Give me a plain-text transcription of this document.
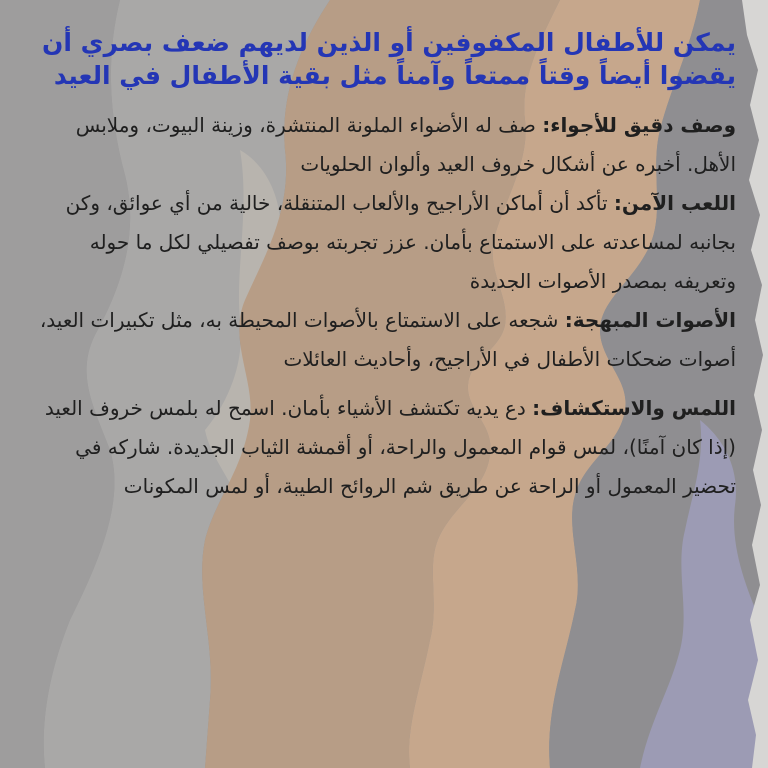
يمكن للأطفال المكفوفين أو الذين لديهم ضعف بصري أن يقضوا أيضاً وقتاً ممتعاً وآمناً مثل بقية الأطفال في العيد

وصف دقيق للأجواء: صف له الأضواء الملونة المنتشرة، وزينة البيوت، وملابس الأهل. أخبره عن أشكال خروف العيد وألوان الحلويات

اللعب الآمن: تأكد أن أماكن الأراجيح والألعاب المتنقلة، خالية من أي عوائق، وكن بجانبه لمساعدته على الاستمتاع بأمان. عزز تجربته بوصف تفصيلي لكل ما حوله وتعريفه بمصدر الأصوات الجديدة

الأصوات المبهجة: شجعه على الاستمتاع بالأصوات المحيطة به، مثل تكبيرات العيد، أصوات ضحكات الأطفال في الأراجيح، وأحاديث العائلات

اللمس والاستكشاف: دع يديه تكتشف الأشياء بأمان. اسمح له بلمس خروف العيد (إذا كان آمنًا)، لمس قوام المعمول والراحة، أو أقمشة الثياب الجديدة. شاركه في تحضير المعمول أو الراحة عن طريق شم الروائح الطيبة، أو لمس المكونات
